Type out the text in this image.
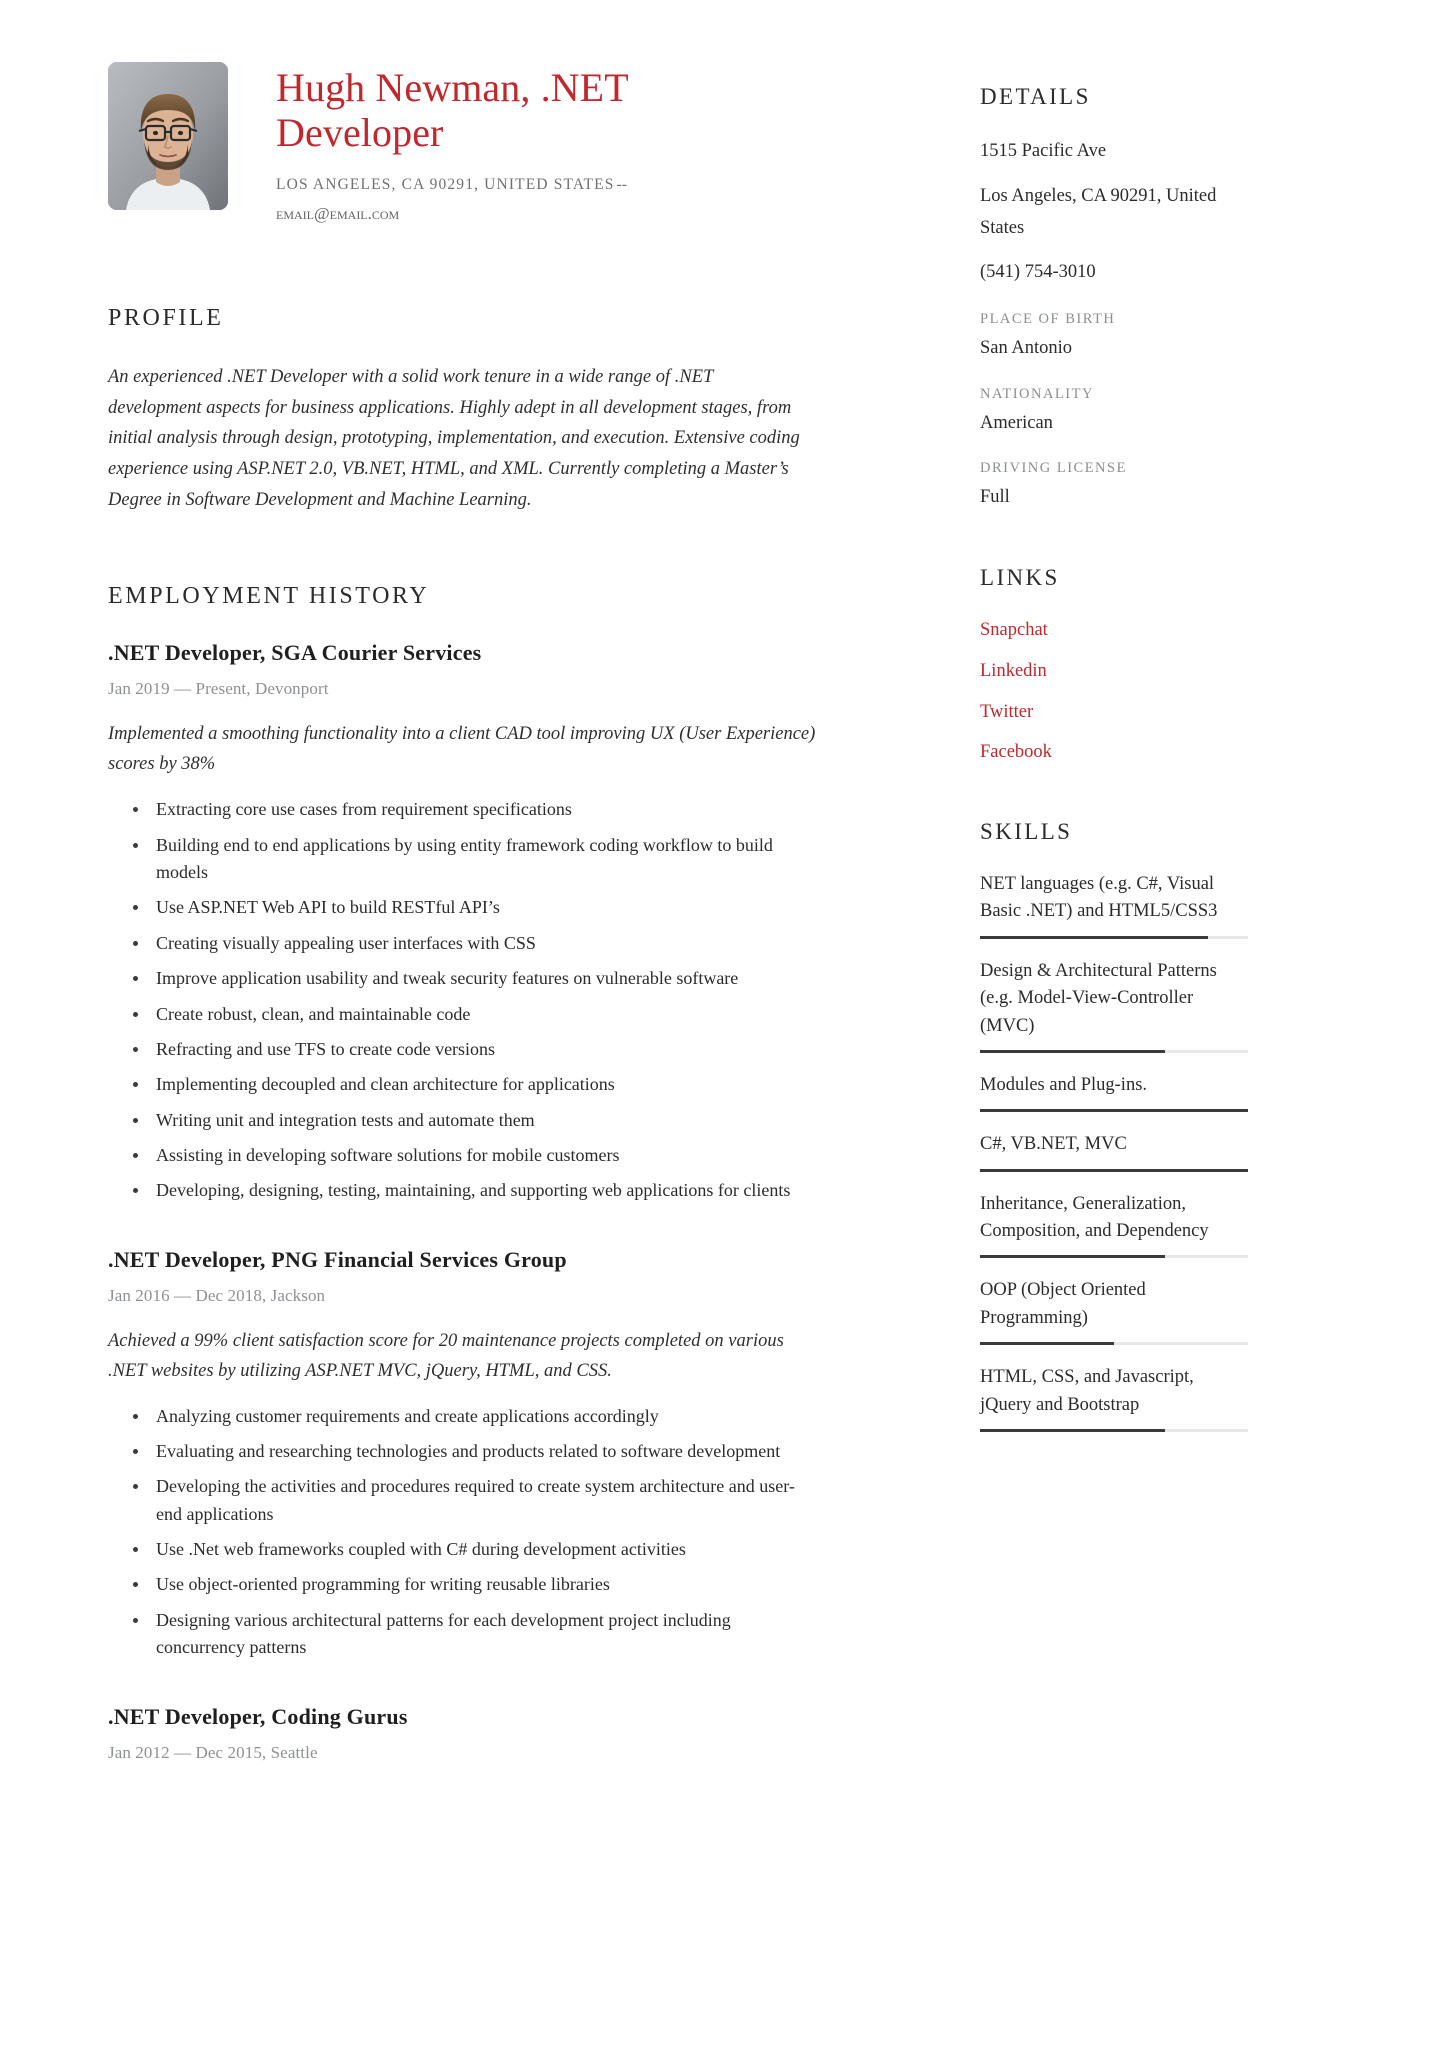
Hugh Newman, .NET Developer
LOS ANGELES, CA 90291, UNITED STATES --
email@email.com
PROFILE

An experienced .NET Developer with a solid work tenure in a wide range of .NET development aspects for business applications. Highly adept in all development stages, from initial analysis through design, prototyping, implementation, and execution. Extensive coding experience using ASP.NET 2.0, VB.NET, HTML, and XML. Currently completing a Master’s Degree in Software Development and Machine Learning.

EMPLOYMENT HISTORY
.NET Developer, SGA Courier Services
Jan 2019 — Present, Devonport

Implemented a smoothing functionality into a client CAD tool improving UX (User Experience) scores by 38%

Extracting core use cases from requirement specifications
Building end to end applications by using entity framework coding workflow to build models
Use ASP.NET Web API to build RESTful API’s
Creating visually appealing user interfaces with CSS
Improve application usability and tweak security features on vulnerable software
Create robust, clean, and maintainable code
Refracting and use TFS to create code versions
Implementing decoupled and clean architecture for applications
Writing unit and integration tests and automate them
Assisting in developing software solutions for mobile customers
Developing, designing, testing, maintaining, and supporting web applications for clients
.NET Developer, PNG Financial Services Group
Jan 2016 — Dec 2018, Jackson

Achieved a 99% client satisfaction score for 20 maintenance projects completed on various .NET websites by utilizing ASP.NET MVC, jQuery, HTML, and CSS.

Analyzing customer requirements and create applications accordingly
Evaluating and researching technologies and products related to software development
Developing the activities and procedures required to create system architecture and user-end applications
Use .Net web frameworks coupled with C# during development activities
Use object-oriented programming for writing reusable libraries
Designing various architectural patterns for each development project including concurrency patterns
.NET Developer, Coding Gurus
Jan 2012 — Dec 2015, Seattle
DETAILS
1515 Pacific Ave
Los Angeles, CA 90291, United States
(541) 754-3010
PLACE OF BIRTH
San Antonio
NATIONALITY
American
DRIVING LICENSE
Full
LINKS
Snapchat
Linkedin
Twitter
Facebook
SKILLS
NET languages (e.g. C#, Visual Basic .NET) and HTML5/CSS3
Design & Architectural Patterns (e.g. Model-View-Controller (MVC)
Modules and Plug-ins.
C#, VB.NET, MVC
Inheritance, Generalization, Composition, and Dependency
OOP (Object Oriented Programming)
HTML, CSS, and Javascript, jQuery and Bootstrap
